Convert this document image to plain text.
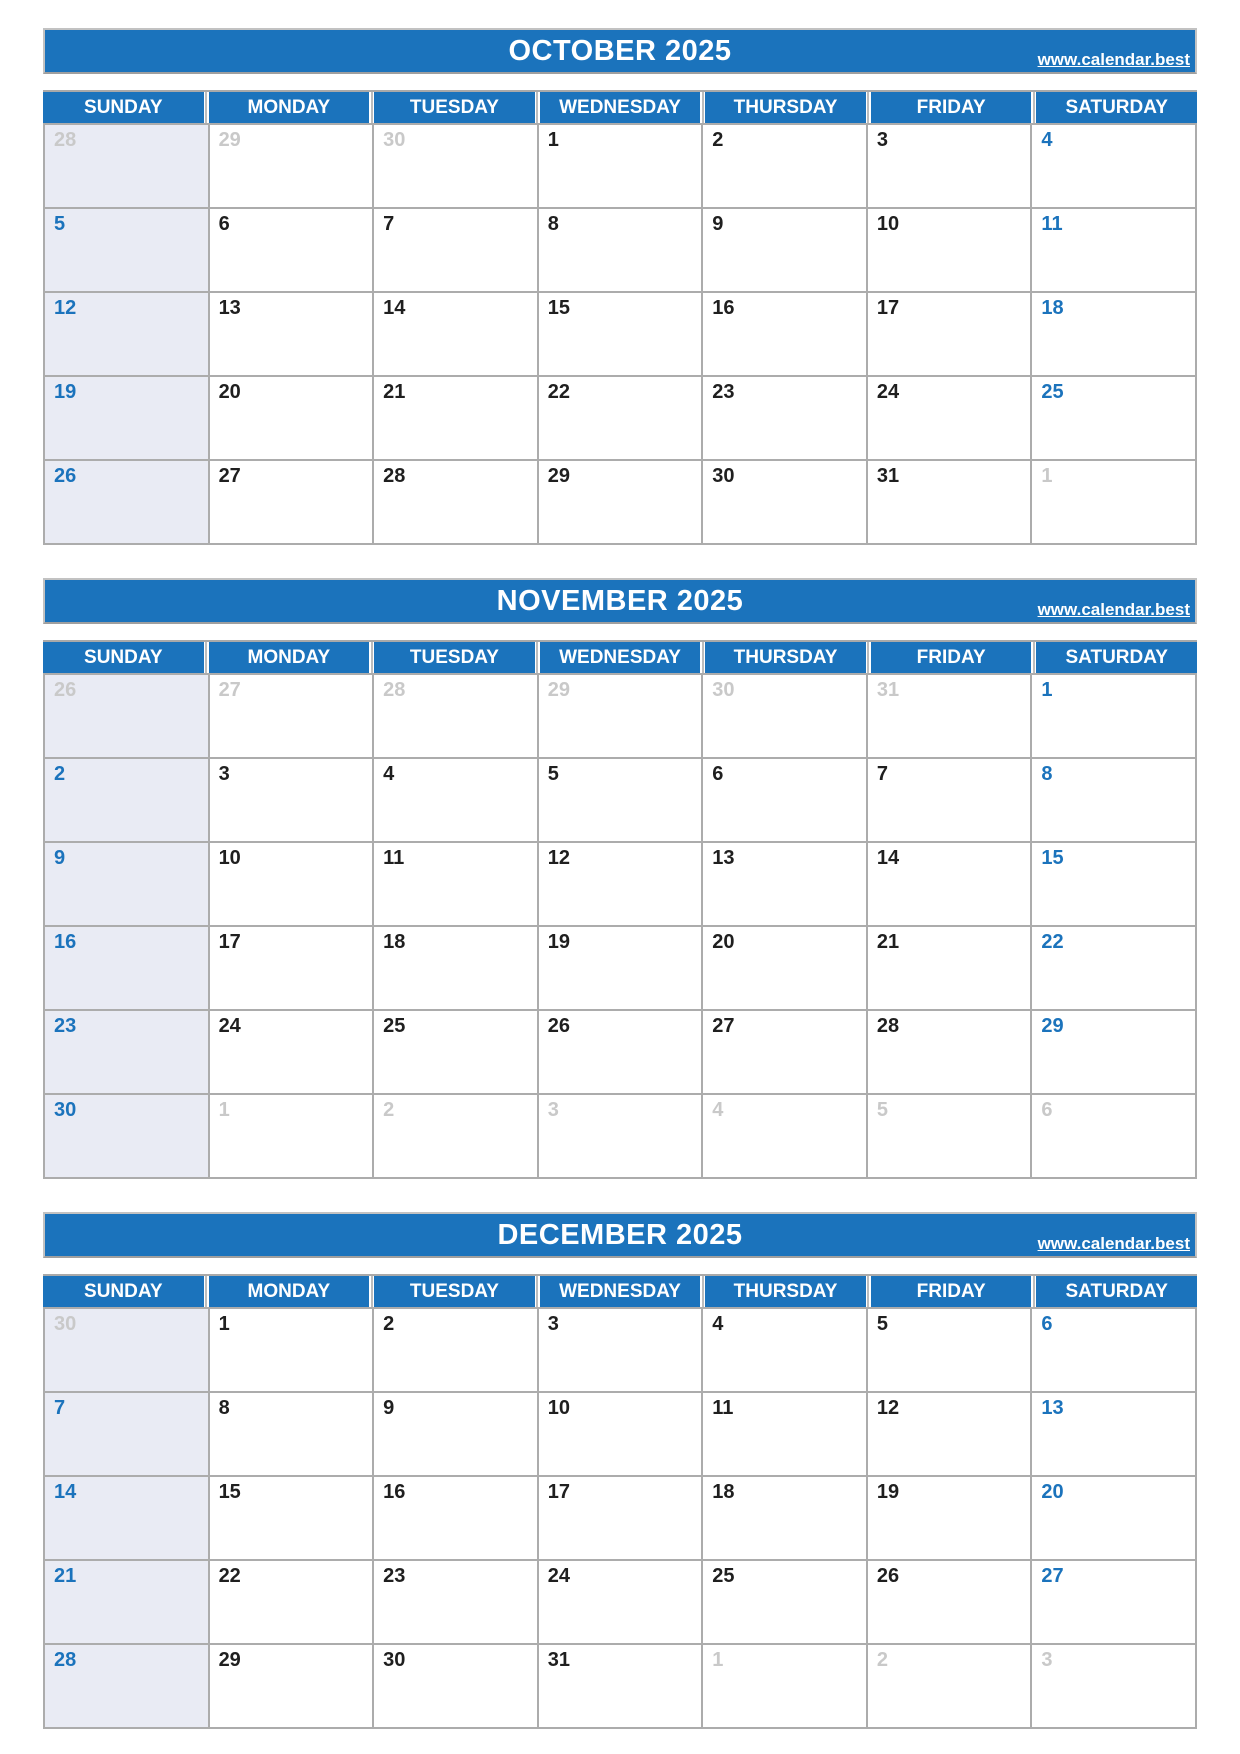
OCTOBER 2025	www.calendar.best
SUNDAY	MONDAY	TUESDAY	WEDNESDAY	THURSDAY	FRIDAY	SATURDAY
28	29	30	1	2	3	4
5	6	7	8	9	10	11
12	13	14	15	16	17	18
19	20	21	22	23	24	25
26	27	28	29	30	31	1
NOVEMBER 2025	www.calendar.best
SUNDAY	MONDAY	TUESDAY	WEDNESDAY	THURSDAY	FRIDAY	SATURDAY
26	27	28	29	30	31	1
2	3	4	5	6	7	8
9	10	11	12	13	14	15
16	17	18	19	20	21	22
23	24	25	26	27	28	29
30	1	2	3	4	5	6
DECEMBER 2025	www.calendar.best
SUNDAY	MONDAY	TUESDAY	WEDNESDAY	THURSDAY	FRIDAY	SATURDAY
30	1	2	3	4	5	6
7	8	9	10	11	12	13
14	15	16	17	18	19	20
21	22	23	24	25	26	27
28	29	30	31	1	2	3
